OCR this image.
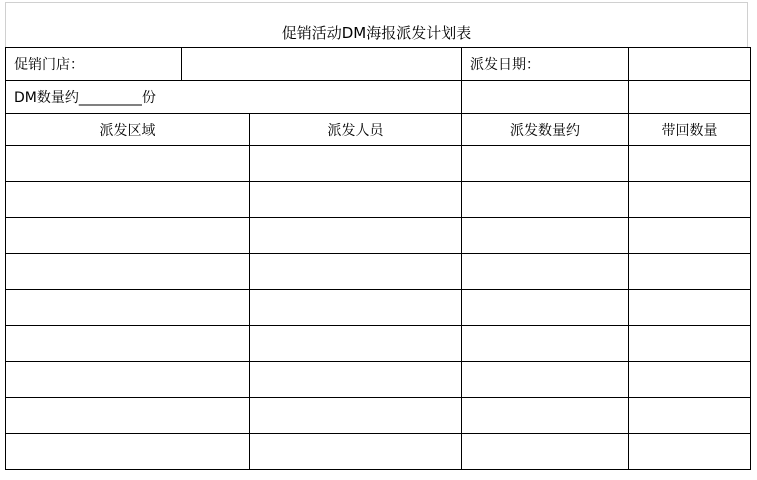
促销活动DM海报派发计划表
促销门店：			派发日期：	
DM数量约_________份				
派发区域		派发人员	派发数量约	带回数量
